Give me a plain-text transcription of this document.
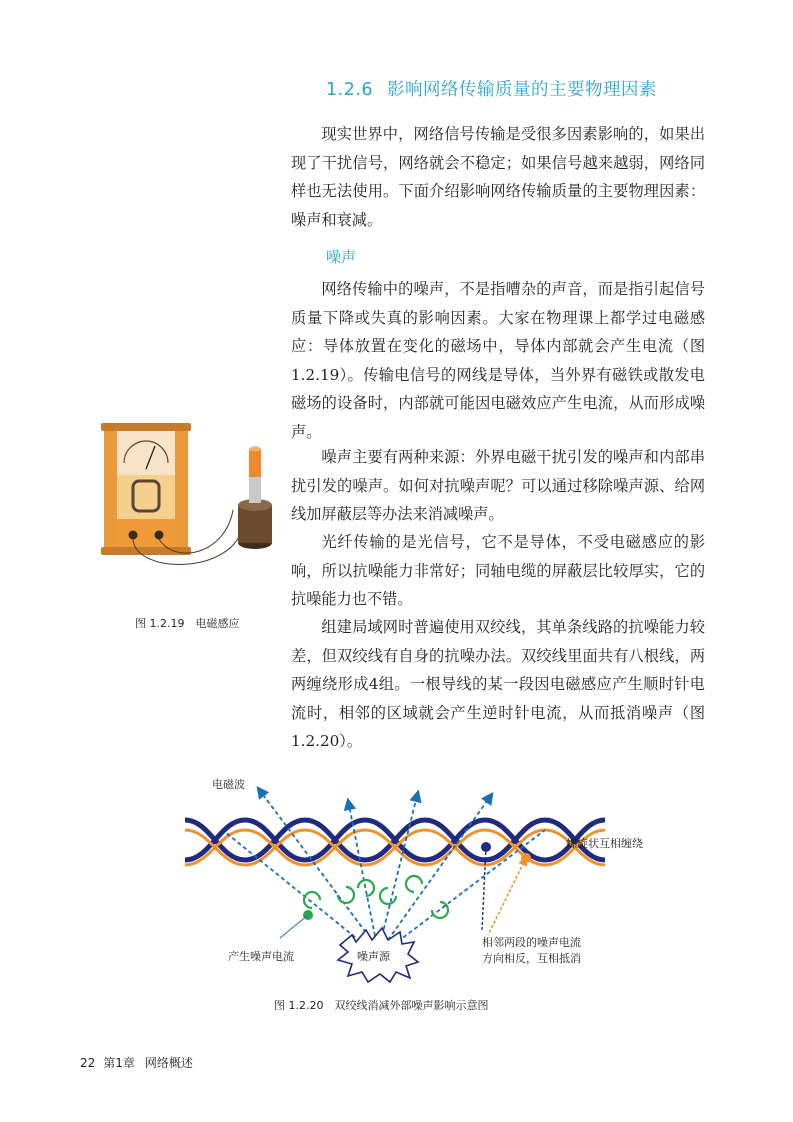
1.2.6 影响网络传输质量的主要物理因素

现实世界中，网络信号传输是受很多因素影响的，如果出现了干扰信号，网络就会不稳定；如果信号越来越弱，网络同样也无法使用。下面介绍影响网络传输质量的主要物理因素：噪声和衰减。

噪声

网络传输中的噪声，不是指嘈杂的声音，而是指引起信号质量下降或失真的影响因素。大家在物理课上都学过电磁感应：导体放置在变化的磁场中，导体内部就会产生电流（图1.2.19）。传输电信号的网线是导体，当外界有磁铁或散发电磁场的设备时，内部就可能因电磁效应产生电流，从而形成噪声。

噪声主要有两种来源：外界电磁干扰引发的噪声和内部串扰引发的噪声。如何对抗噪声呢？可以通过移除噪声源、给网线加屏蔽层等办法来消减噪声。

光纤传输的是光信号，它不是导体，不受电磁感应的影响，所以抗噪能力非常好；同轴电缆的屏蔽层比较厚实，它的抗噪能力也不错。

组建局域网时普遍使用双绞线，其单条线路的抗噪能力较差，但双绞线有自身的抗噪办法。双绞线里面共有八根线，两两缠绕形成4组。一根导线的某一段因电磁感应产生顺时针电流时，相邻的区域就会产生逆时针电流，从而抵消噪声（图1.2.20）。

图 1.2.19　电磁感应
电磁波
螺旋状互相缠绕
产生噪声电流	噪声源
相邻两段的噪声电流
方向相反，互相抵消
图 1.2.20　双绞线消减外部噪声影响示意图
22 第1章 网络概述
